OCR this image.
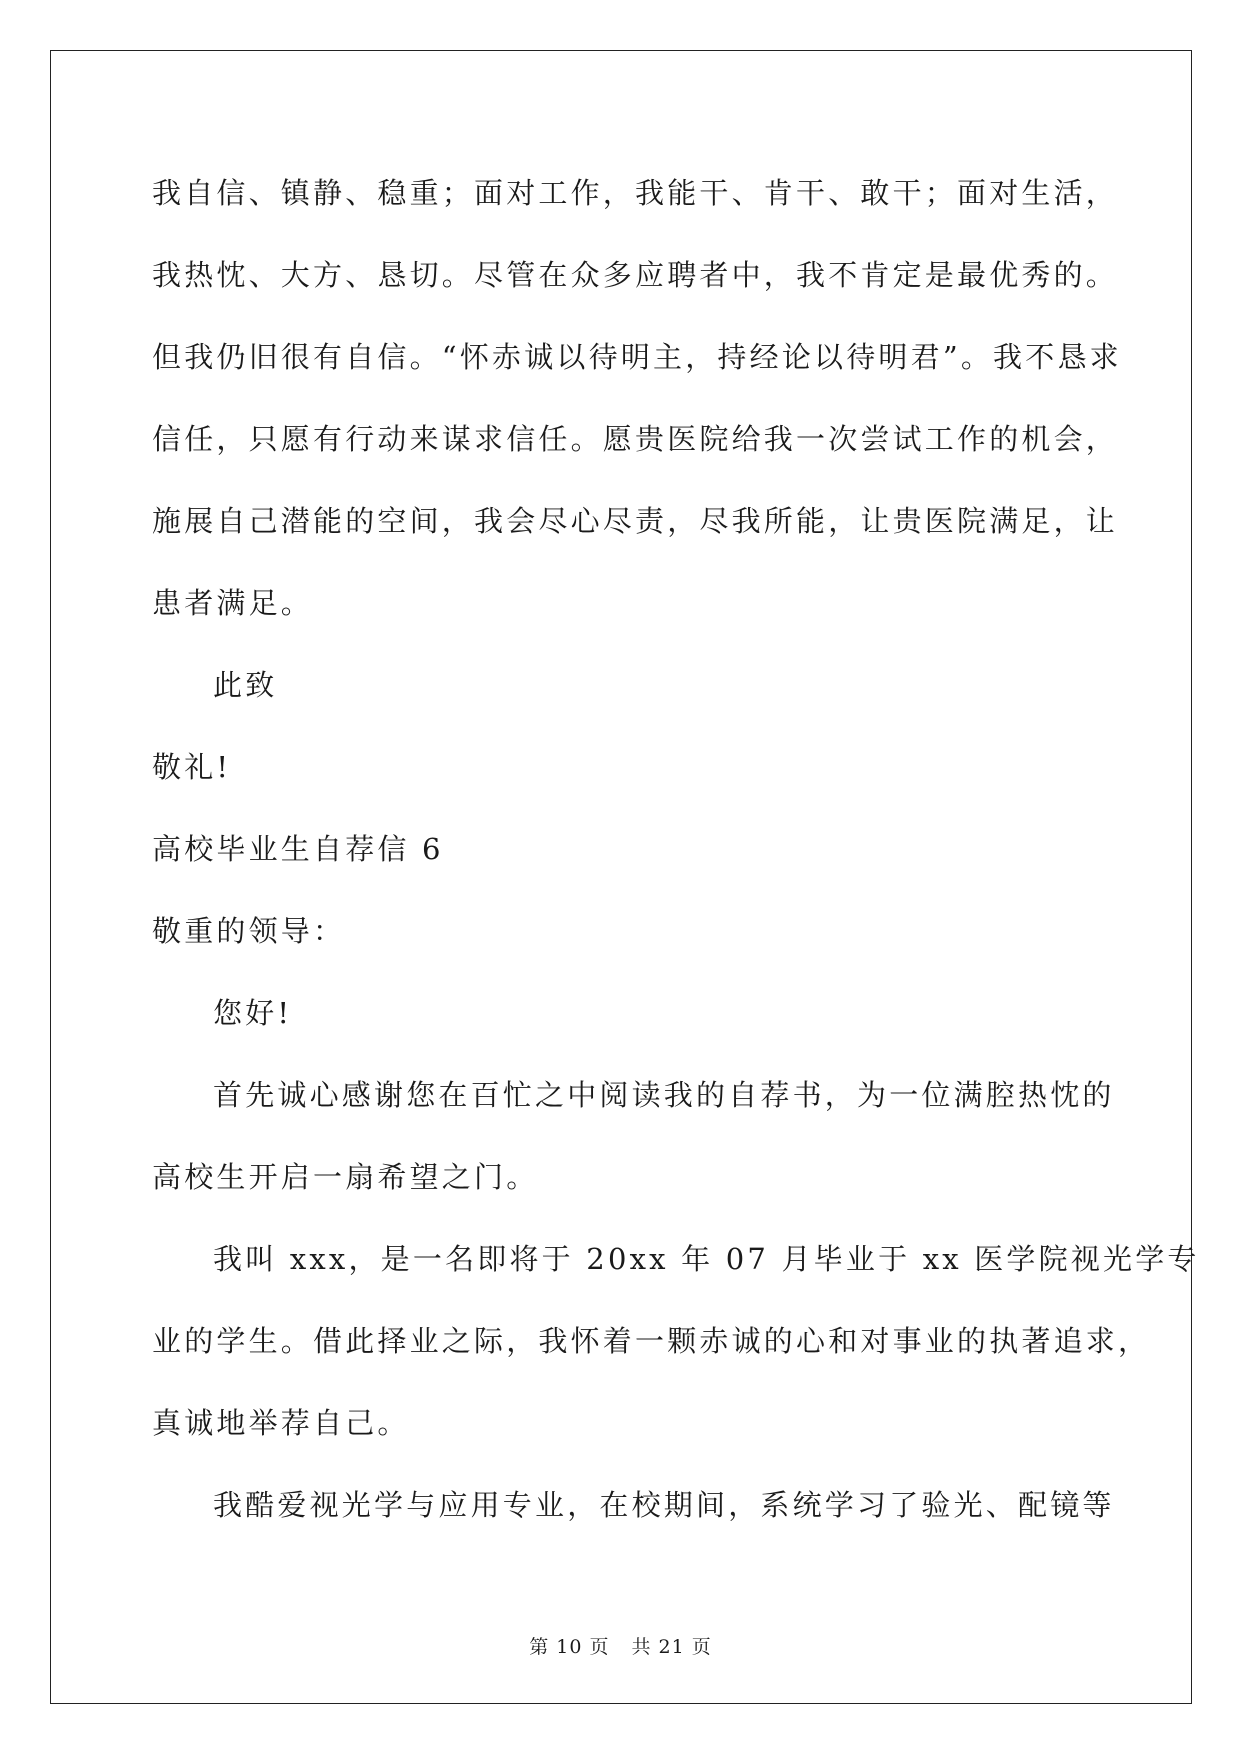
我自信、镇静、稳重；面对工作，我能干、肯干、敢干；面对生活，
我热忱、大方、恳切。尽管在众多应聘者中，我不肯定是最优秀的。
但我仍旧很有自信。“怀赤诚以待明主，持经论以待明君”。我不恳求
信任，只愿有行动来谋求信任。愿贵医院给我一次尝试工作的机会，
施展自己潜能的空间，我会尽心尽责，尽我所能，让贵医院满足，让
患者满足。
此致
敬礼!
高校毕业生自荐信 6
敬重的领导：
您好!
首先诚心感谢您在百忙之中阅读我的自荐书，为一位满腔热忱的
高校生开启一扇希望之门。
我叫 xxx，是一名即将于 20xx 年 07 月毕业于 xx 医学院视光学专
业的学生。借此择业之际，我怀着一颗赤诚的心和对事业的执著追求，
真诚地举荐自己。
我酷爱视光学与应用专业，在校期间，系统学习了验光、配镜等
第 10 页 共 21 页
